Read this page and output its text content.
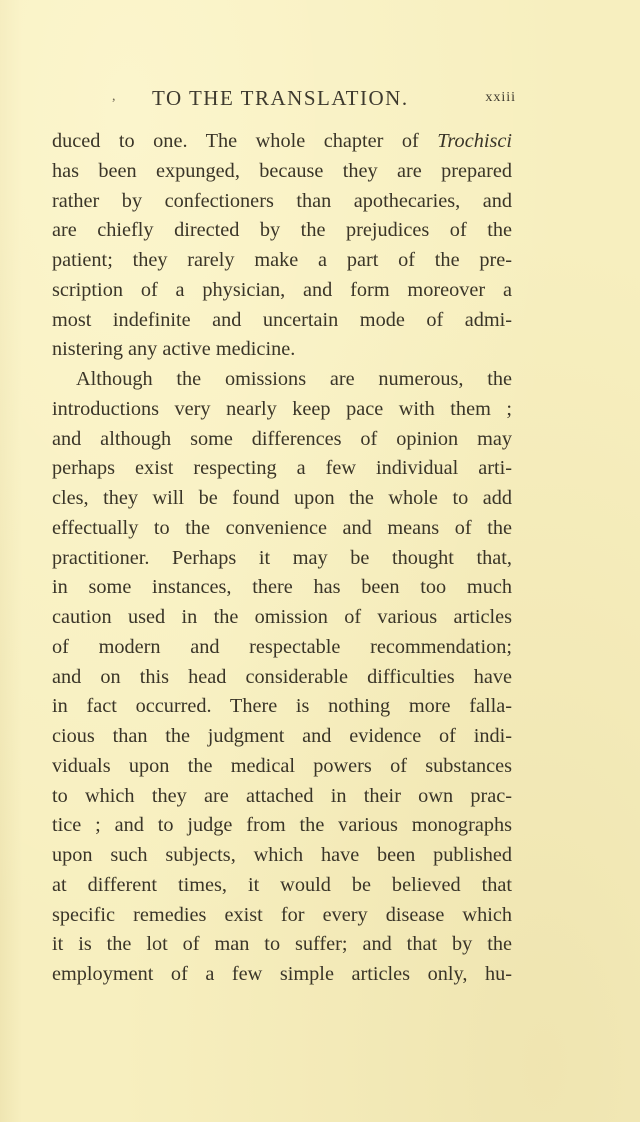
, TO THE TRANSLATION.	xxiii
duced to one. The whole chapter of Trochisci
has been expunged, because they are prepared
rather by confectioners than apothecaries, and
are chiefly directed by the prejudices of the
patient; they rarely make a part of the pre-
scription of a physician, and form moreover a
most indefinite and uncertain mode of admi-
nistering any active medicine.
Although the omissions are numerous, the
introductions very nearly keep pace with them ;
and although some differences of opinion may
perhaps exist respecting a few individual arti-
cles, they will be found upon the whole to add
effectually to the convenience and means of the
practitioner. Perhaps it may be thought that,
in some instances, there has been too much
caution used in the omission of various articles
of modern and respectable recommendation;
and on this head considerable difficulties have
in fact occurred. There is nothing more falla-
cious than the judgment and evidence of indi-
viduals upon the medical powers of substances
to which they are attached in their own prac-
tice ; and to judge from the various monographs
upon such subjects, which have been published
at different times, it would be believed that
specific remedies exist for every disease which
it is the lot of man to suffer; and that by the
employment of a few simple articles only, hu-
